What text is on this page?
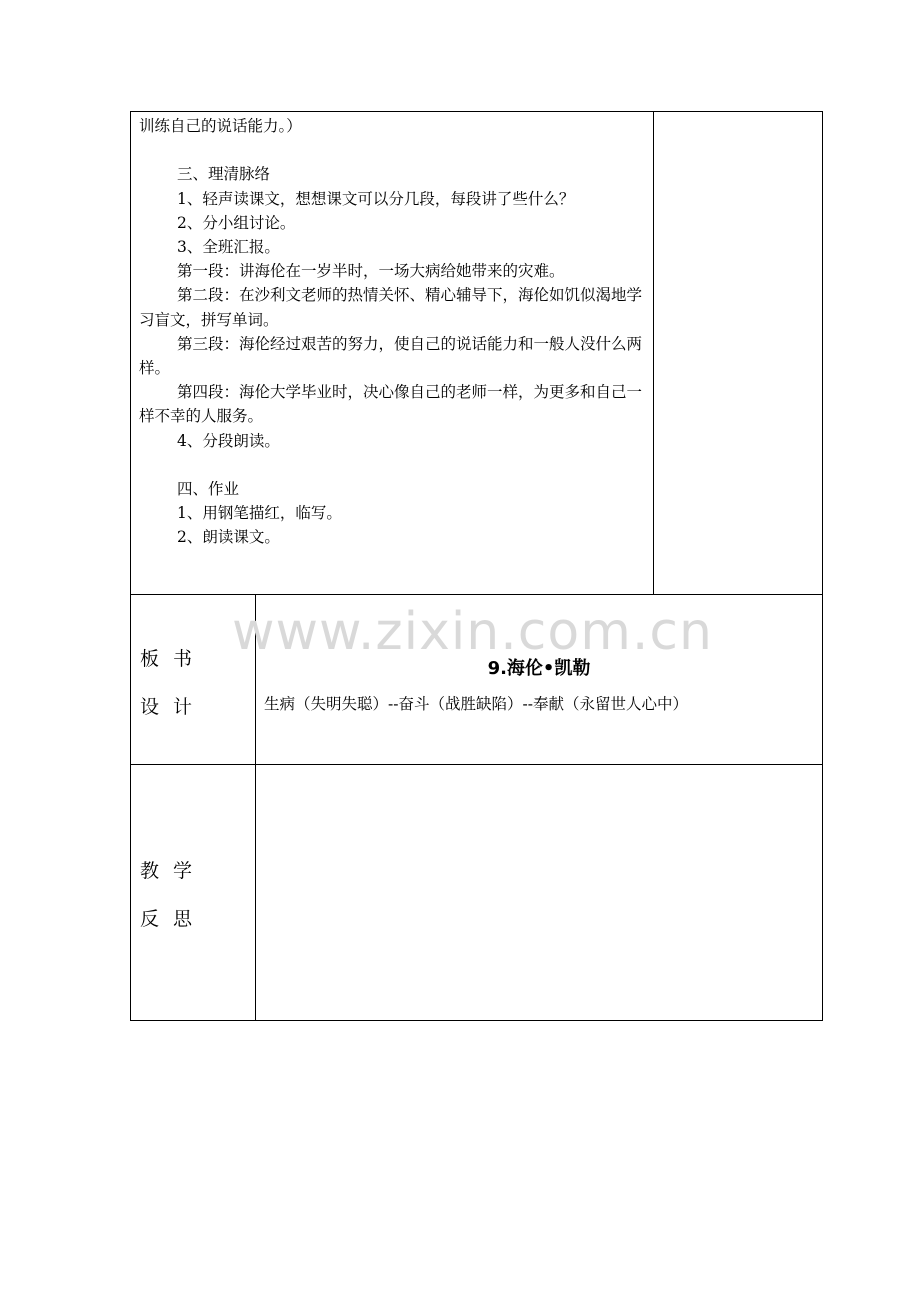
训练自己的说话能力。）

三、理清脉络

1、轻声读课文，想想课文可以分几段，每段讲了些什么？

2、分小组讨论。

3、全班汇报。

第一段：讲海伦在一岁半时，一场大病给她带来的灾难。

第二段：在沙利文老师的热情关怀、精心辅导下，海伦如饥似渴地学习盲文，拼写单词。

第三段：海伦经过艰苦的努力，使自己的说话能力和一般人没什么两样。

第四段：海伦大学毕业时，决心像自己的老师一样，为更多和自己一样不幸的人服务。

4、分段朗读。

四、作业

1、用钢笔描红，临写。

2、朗读课文。

www.zixin.com.cn
板书
设计
9.海伦•凯勒
生病（失明失聪）--奋斗（战胜缺陷）--奉献（永留世人心中）
教学
反思
